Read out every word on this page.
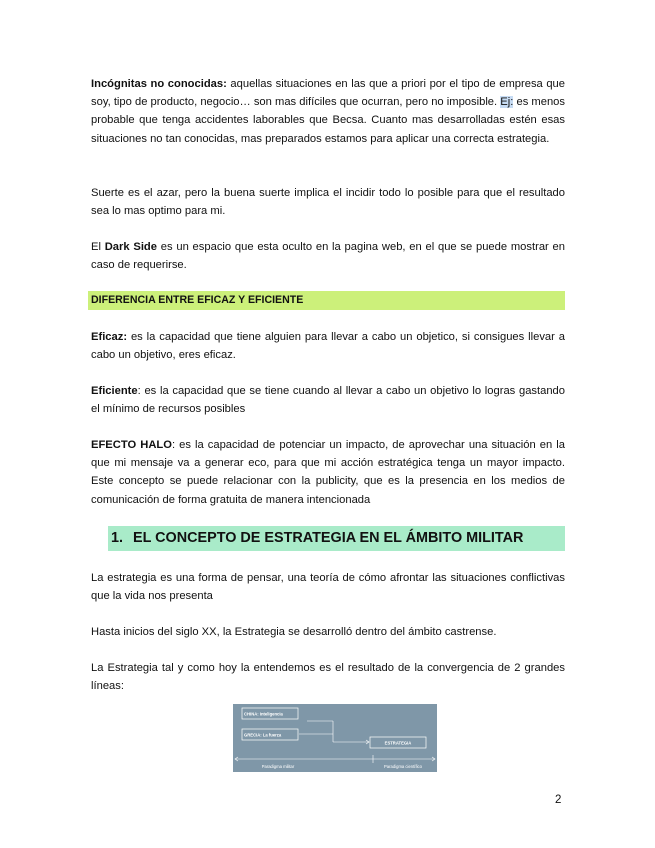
Incógnitas no conocidas: aquellas situaciones en las que a priori por el tipo de empresa que soy, tipo de producto, negocio… son mas difíciles que ocurran, pero no imposible. Ej: es menos probable que tenga accidentes laborables que Becsa. Cuanto mas desarrolladas estén esas situaciones no tan conocidas, mas preparados estamos para aplicar una correcta estrategia.

Suerte es el azar, pero la buena suerte implica el incidir todo lo posible para que el resultado sea lo mas optimo para mi.

El Dark Side es un espacio que esta oculto en la pagina web, en el que se puede mostrar en caso de requerirse.

DIFERENCIA ENTRE EFICAZ Y EFICIENTE

Eficaz: es la capacidad que tiene alguien para llevar a cabo un objetico, si consigues llevar a cabo un objetivo, eres eficaz.

Eficiente: es la capacidad que se tiene cuando al llevar a cabo un objetivo lo logras gastando el mínimo de recursos posibles

EFECTO HALO: es la capacidad de potenciar un impacto, de aprovechar una situación en la que mi mensaje va a generar eco, para que mi acción estratégica tenga un mayor impacto. Este concepto se puede relacionar con la publicity, que es la presencia en los medios de comunicación de forma gratuita de manera intencionada

1. EL CONCEPTO DE ESTRATEGIA EN EL ÁMBITO MILITAR

La estrategia es una forma de pensar, una teoría de cómo afrontar las situaciones conflictivas que la vida nos presenta

Hasta inicios del siglo XX, la Estrategia se desarrolló dentro del ámbito castrense.

La Estrategia tal y como hoy la entendemos es el resultado de la convergencia de 2 grandes líneas:

CHINA: Inteligencia
GRECIA: La fuerza
ESTRATEGIA
Paradigma militar	Paradigma científico
2
